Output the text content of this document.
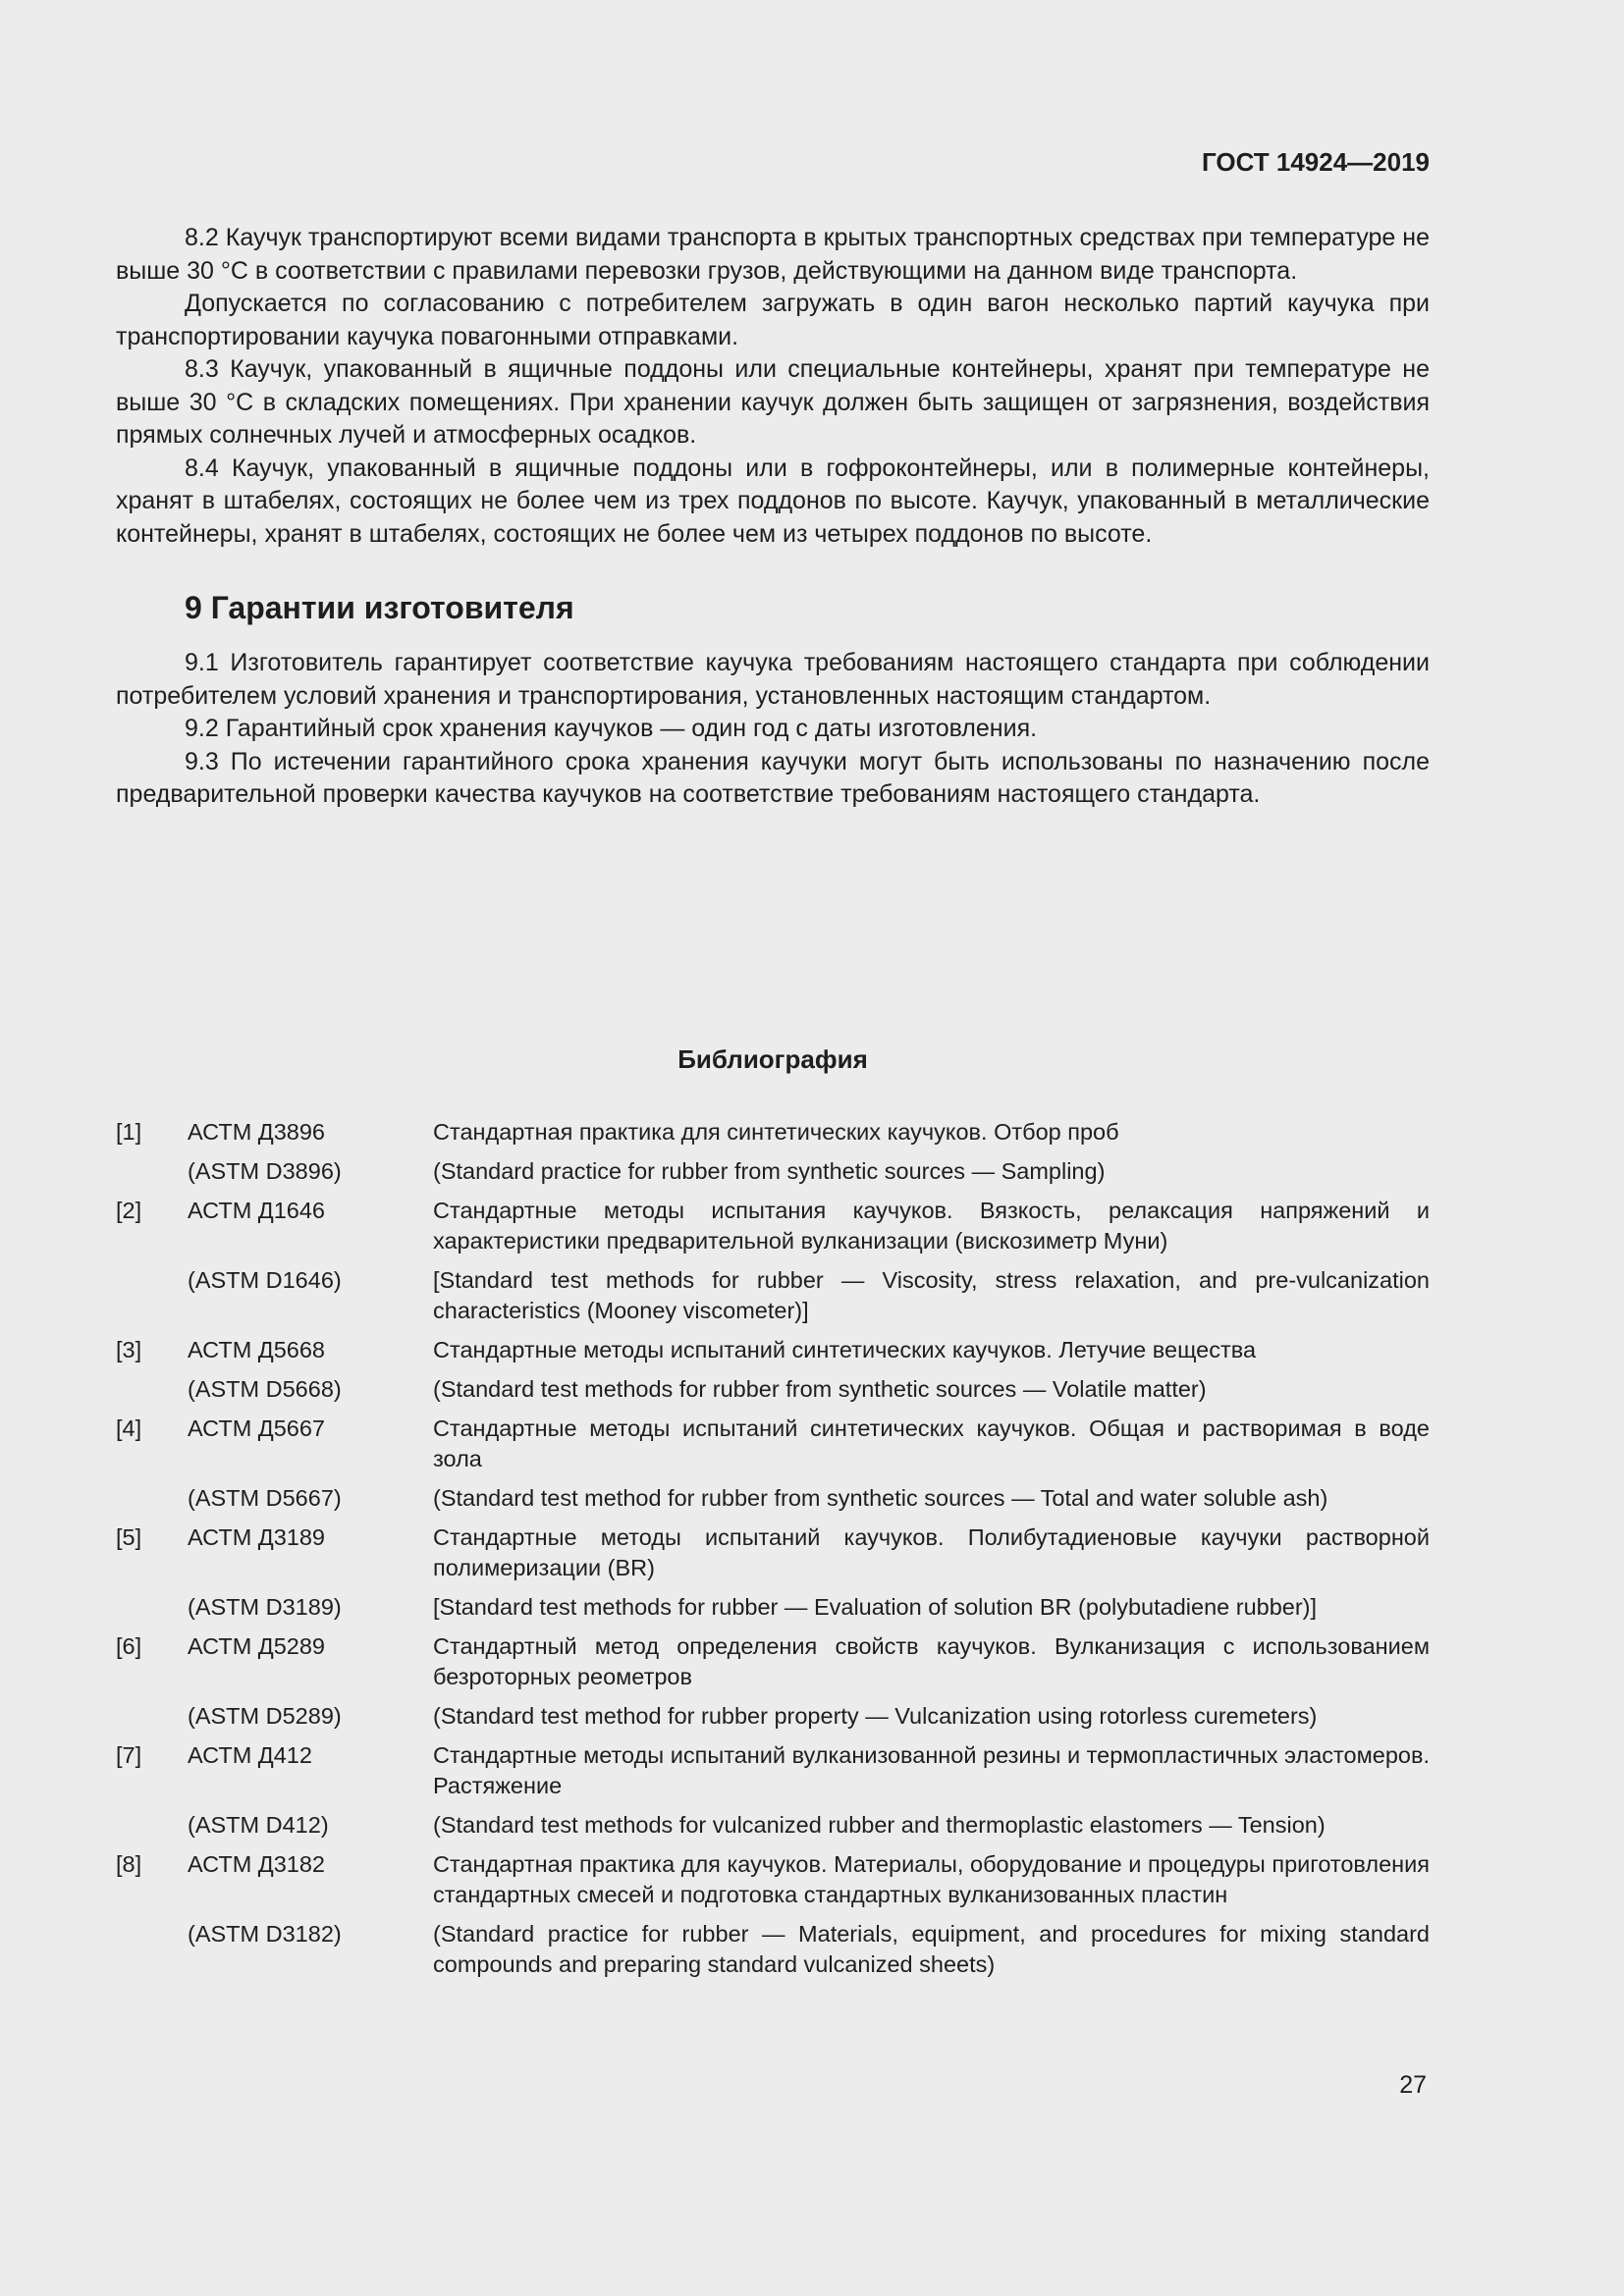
ГОСТ 14924—2019

8.2 Каучук транспортируют всеми видами транспорта в крытых транспортных средствах при температуре не выше 30 °С в соответствии с правилами перевозки грузов, действующими на данном виде транспорта.

Допускается по согласованию с потребителем загружать в один вагон несколько партий каучука при транспортировании каучука повагонными отправками.

8.3 Каучук, упакованный в ящичные поддоны или специальные контейнеры, хранят при температуре не выше 30 °С в складских помещениях. При хранении каучук должен быть защищен от загрязнения, воздействия прямых солнечных лучей и атмосферных осадков.

8.4 Каучук, упакованный в ящичные поддоны или в гофроконтейнеры, или в полимерные контейнеры, хранят в штабелях, состоящих не более чем из трех поддонов по высоте. Каучук, упакованный в металлические контейнеры, хранят в штабелях, состоящих не более чем из четырех поддонов по высоте.

9 Гарантии изготовителя

9.1 Изготовитель гарантирует соответствие каучука требованиям настоящего стандарта при соблюдении потребителем условий хранения и транспортирования, установленных настоящим стандартом.

9.2 Гарантийный срок хранения каучуков — один год с даты изготовления.

9.3 По истечении гарантийного срока хранения каучуки могут быть использованы по назначению после предварительной проверки качества каучуков на соответствие требованиям настоящего стандарта.

Библиография
[1]	АСТМ Д3896	Стандартная практика для синтетических каучуков. Отбор проб
(ASTM D3896)	(Standard practice for rubber from synthetic sources — Sampling)
[2]	АСТМ Д1646	Стандартные методы испытания каучуков. Вязкость, релаксация напряжений и характеристики предварительной вулканизации (вискозиметр Муни)
(ASTM D1646)	[Standard test methods for rubber — Viscosity, stress relaxation, and pre-vulcanization characteristics (Mooney viscometer)]
[3]	АСТМ Д5668	Стандартные методы испытаний синтетических каучуков. Летучие вещества
(ASTM D5668)	(Standard test methods for rubber from synthetic sources — Volatile matter)
[4]	АСТМ Д5667	Стандартные методы испытаний синтетических каучуков. Общая и растворимая в воде зола
(ASTM D5667)	(Standard test method for rubber from synthetic sources — Total and water soluble ash)
[5]	АСТМ Д3189	Стандартные методы испытаний каучуков. Полибутадиеновые каучуки растворной полимеризации (BR)
(ASTM D3189)	[Standard test methods for rubber — Evaluation of solution BR (polybutadiene rubber)]
[6]	АСТМ Д5289	Стандартный метод определения свойств каучуков. Вулканизация с использованием безроторных реометров
(ASTM D5289)	(Standard test method for rubber property — Vulcanization using rotorless curemeters)
[7]	АСТМ Д412	Стандартные методы испытаний вулканизованной резины и термопластичных эластомеров. Растяжение
(ASTM D412)	(Standard test methods for vulcanized rubber and thermoplastic elastomers — Tension)
[8]	АСТМ Д3182	Стандартная практика для каучуков. Материалы, оборудование и процедуры приготовления стандартных смесей и подготовка стандартных вулканизованных пластин
(ASTM D3182)	(Standard practice for rubber — Materials, equipment, and procedures for mixing standard compounds and preparing standard vulcanized sheets)
27
